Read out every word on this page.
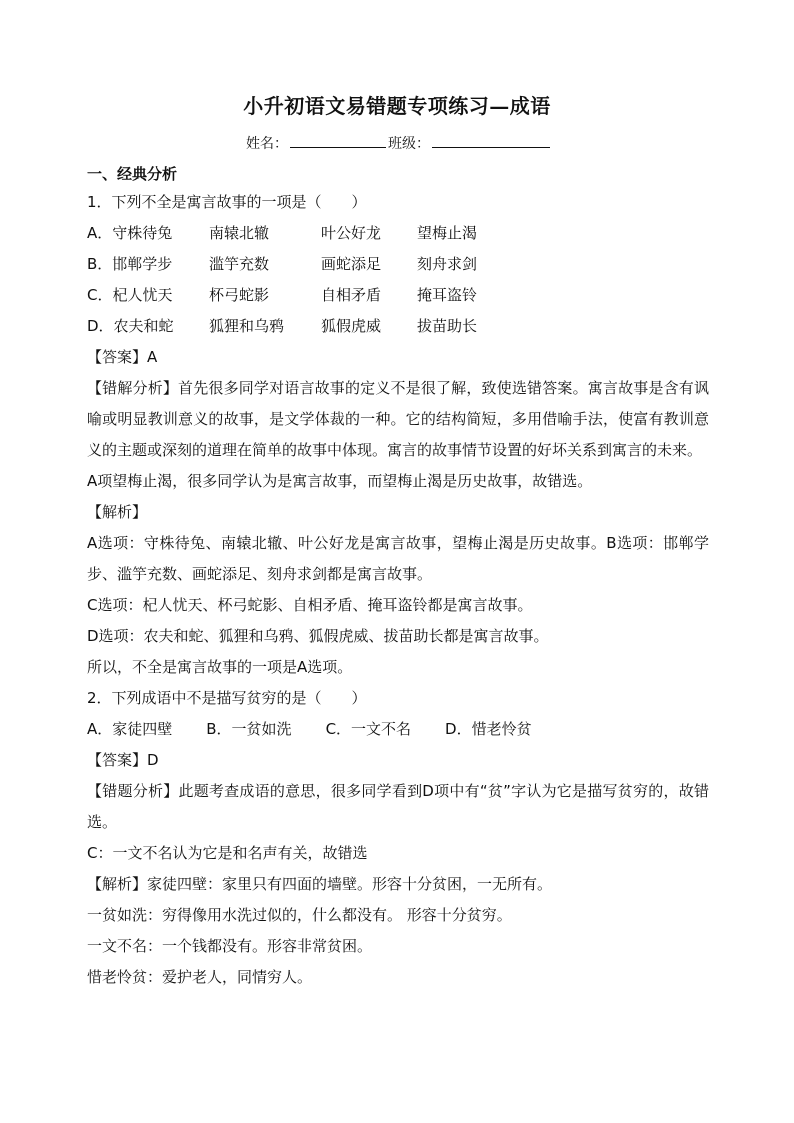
小升初语文易错题专项练习—成语
姓名：	班级：
一、经典分析
1．下列不全是寓言故事的一项是（　　）
A．守株待兔	南辕北辙	叶公好龙	望梅止渴
B．邯郸学步	滥竽充数	画蛇添足	刻舟求剑
C．杞人忧天	杯弓蛇影	自相矛盾	掩耳盗铃
D．农夫和蛇	狐狸和乌鸦	狐假虎威	拔苗助长
【答案】A
【错解分析】首先很多同学对语言故事的定义不是很了解，致使选错答案。寓言故事是含有讽喻或明显教训意义的故事，是文学体裁的一种。它的结构简短，多用借喻手法，使富有教训意义的主题或深刻的道理在简单的故事中体现。寓言的故事情节设置的好坏关系到寓言的未来。
A项望梅止渴，很多同学认为是寓言故事，而望梅止渴是历史故事，故错选。
【解析】
A选项：守株待兔、南辕北辙、叶公好龙是寓言故事，望梅止渴是历史故事。B选项：邯郸学步、滥竽充数、画蛇添足、刻舟求剑都是寓言故事。
C选项：杞人忧天、杯弓蛇影、自相矛盾、掩耳盗铃都是寓言故事。
D选项：农夫和蛇、狐狸和乌鸦、狐假虎威、拔苗助长都是寓言故事。
所以，不全是寓言故事的一项是A选项。
2．下列成语中不是描写贫穷的是（　　）
A．家徒四壁 B．一贫如洗 C．一文不名 D．惜老怜贫
【答案】D
【错题分析】此题考查成语的意思，很多同学看到D项中有“贫”字认为它是描写贫穷的，故错选。
C：一文不名认为它是和名声有关，故错选
【解析】家徒四壁：家里只有四面的墙壁。形容十分贫困，一无所有。
一贫如洗：穷得像用水洗过似的，什么都没有。 形容十分贫穷。
一文不名：一个钱都没有。形容非常贫困。
惜老怜贫：爱护老人，同情穷人。
